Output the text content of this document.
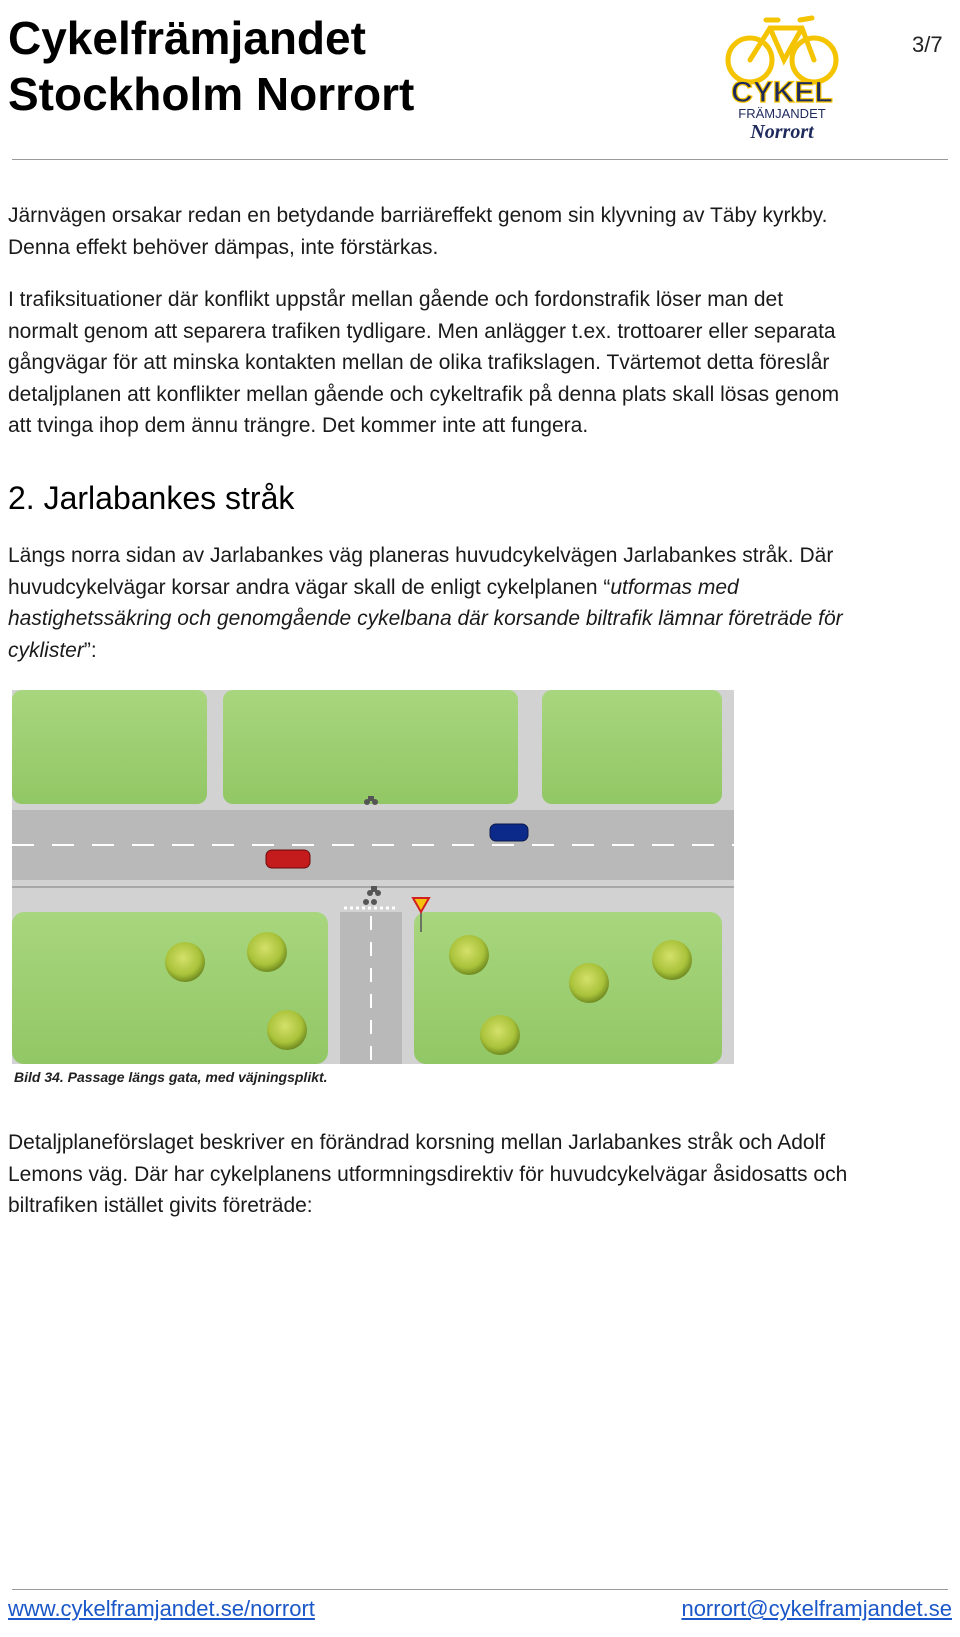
Cykelfrämjandet
Stockholm Norrort	CYKEL
FRÄMJANDET
Norrort
3/7

Järnvägen orsakar redan en betydande barriäreffekt genom sin klyvning av Täby kyrkby.

Denna effekt behöver dämpas, inte förstärkas.

I trafiksituationer där konflikt uppstår mellan gående och fordonstrafik löser man det

normalt genom att separera trafiken tydligare. Men anlägger t.ex. trottoarer eller separata

gångvägar för att minska kontakten mellan de olika trafikslagen. Tvärtemot detta föreslår

detaljplanen att konflikter mellan gående och cykeltrafik på denna plats skall lösas genom

att tvinga ihop dem ännu trängre. Det kommer inte att fungera.

2. Jarlabankes stråk

Längs norra sidan av Jarlabankes väg planeras huvudcykelvägen Jarlabankes stråk. Där

huvudcykelvägar korsar andra vägar skall de enligt cykelplanen “utformas med

hastighetssäkring och genomgående cykelbana där korsande biltrafik lämnar företräde för

cyklister”:

Bild 34. Passage längs gata, med väjningsplikt.

Detaljplaneförslaget beskriver en förändrad korsning mellan Jarlabankes stråk och Adolf

Lemons väg. Där har cykelplanens utformningsdirektiv för huvudcykelvägar åsidosatts och

biltrafiken istället givits företräde:

www.cykelframjandet.se/norrort	norrort@cykelframjandet.se
